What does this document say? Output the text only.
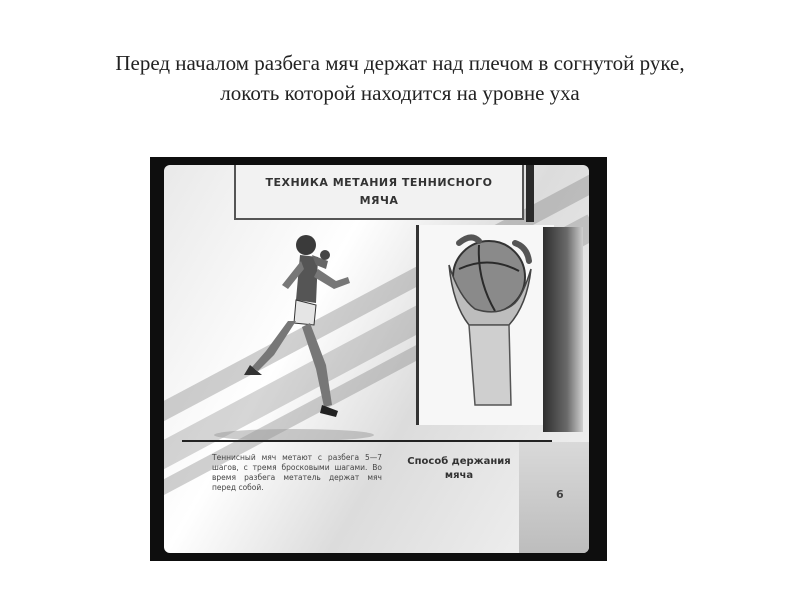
Перед началом разбега мяч держат над плечом в согнутой руке,
локоть которой находится на уровне уха
ТЕХНИКА МЕТАНИЯ ТЕННИСНОГО МЯЧА
Теннисный мяч метают с разбега 5—7 шагов, с тремя бросковыми шагами. Во время разбега метатель держат мяч перед собой.
Способ держания мяча
6
